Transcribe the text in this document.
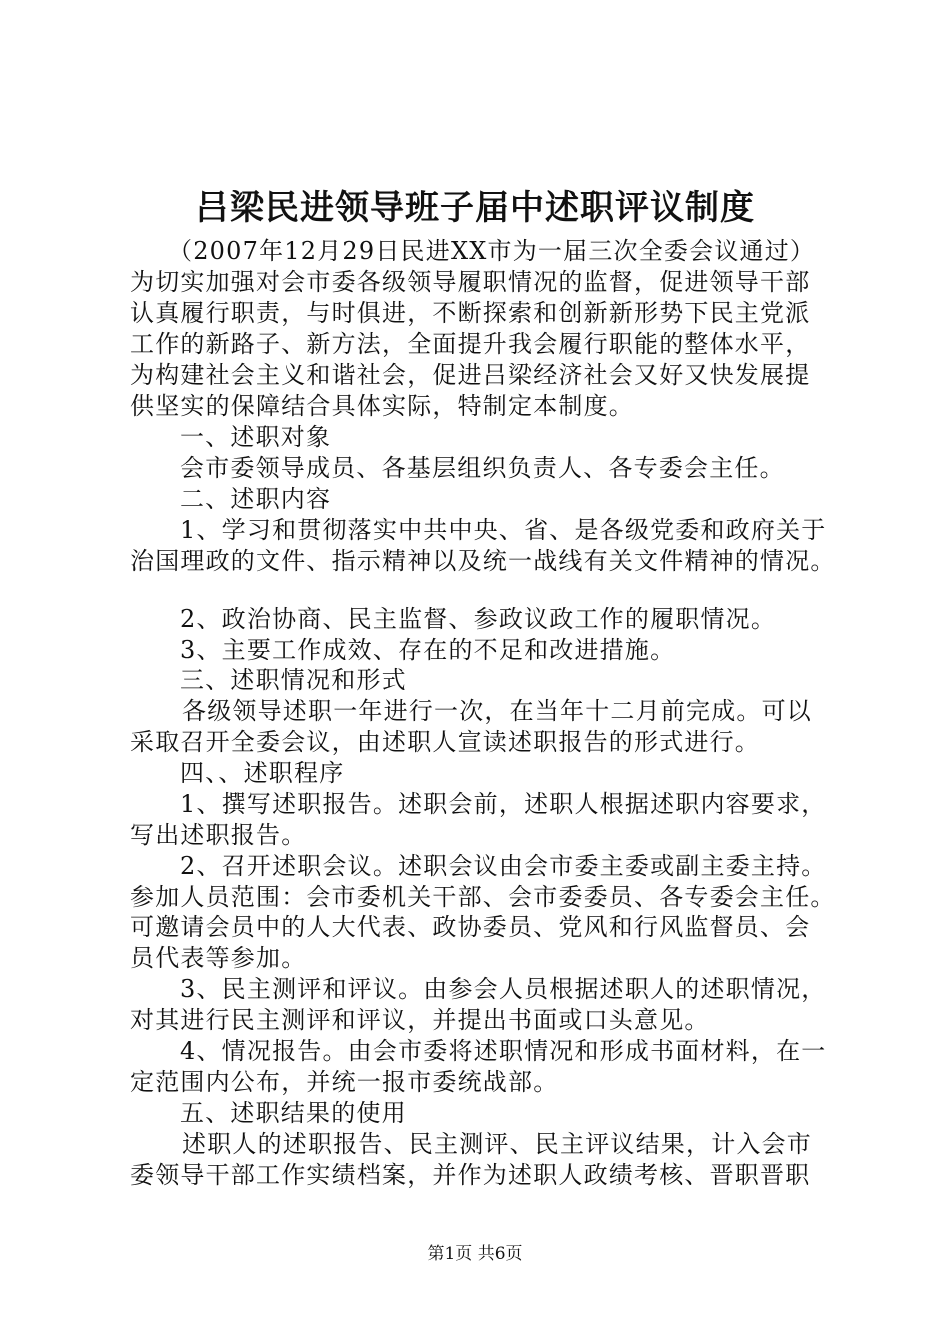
吕梁民进领导班子届中述职评议制度
（2007年12月29日民进XX市为一届三次全委会议通过）
为切实加强对会市委各级领导履职情况的监督，促进领导干部
认真履行职责，与时俱进，不断探索和创新新形势下民主党派
工作的新路子、新方法，全面提升我会履行职能的整体水平，
为构建社会主义和谐社会，促进吕梁经济社会又好又快发展提
供坚实的保障结合具体实际，特制定本制度。
一、述职对象
会市委领导成员、各基层组织负责人、各专委会主任。
二、述职内容
1、学习和贯彻落实中共中央、省、是各级党委和政府关于
治国理政的文件、指示精神以及统一战线有关文件精神的情况。
2、政治协商、民主监督、参政议政工作的履职情况。
3、主要工作成效、存在的不足和改进措施。
三、述职情况和形式
各级领导述职一年进行一次，在当年十二月前完成。可以
采取召开全委会议，由述职人宣读述职报告的形式进行。
四、、述职程序
1、撰写述职报告。述职会前，述职人根据述职内容要求，
写出述职报告。
2、召开述职会议。述职会议由会市委主委或副主委主持。
参加人员范围：会市委机关干部、会市委委员、各专委会主任。
可邀请会员中的人大代表、政协委员、党风和行风监督员、会
员代表等参加。
3、民主测评和评议。由参会人员根据述职人的述职情况，
对其进行民主测评和评议，并提出书面或口头意见。
4、情况报告。由会市委将述职情况和形成书面材料，在一
定范围内公布，并统一报市委统战部。
五、述职结果的使用
述职人的述职报告、民主测评、民主评议结果，计入会市
委领导干部工作实绩档案，并作为述职人政绩考核、晋职晋职
第1页 共6页
